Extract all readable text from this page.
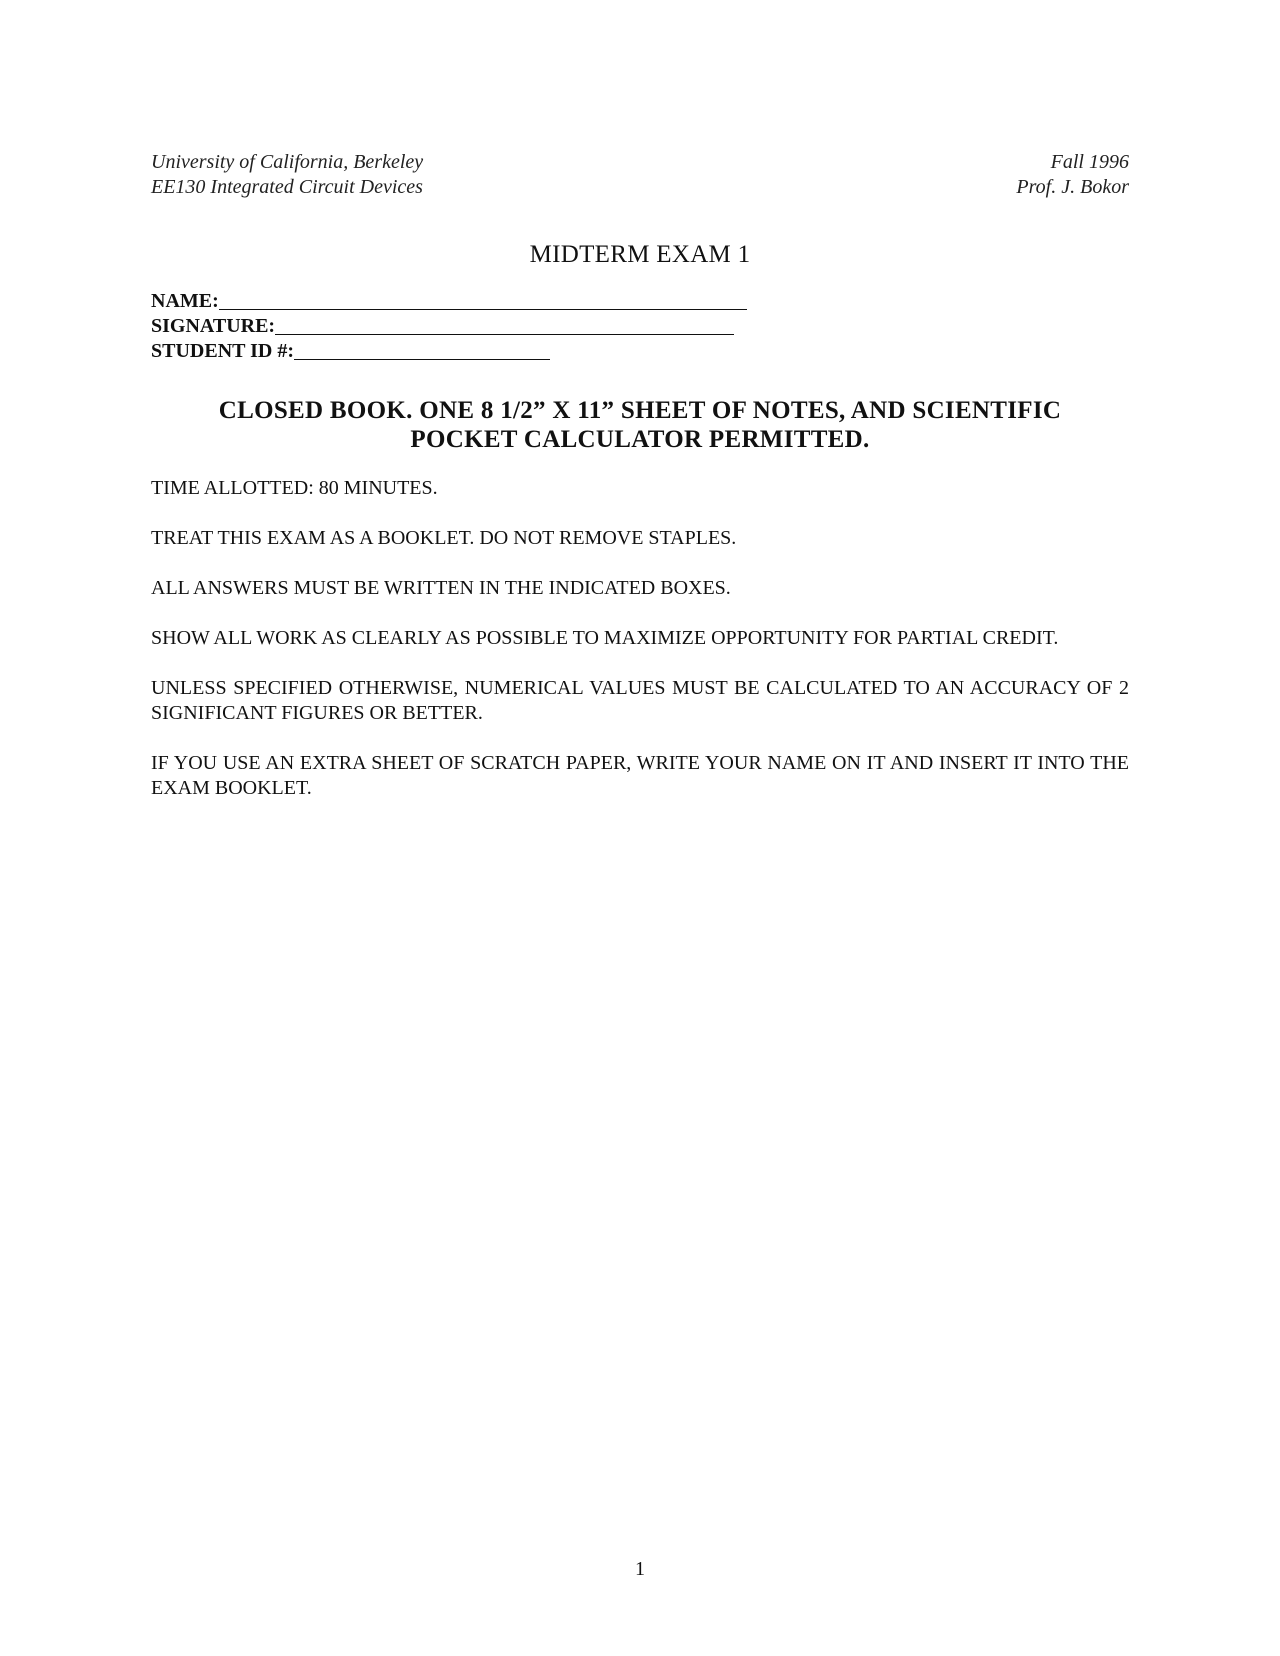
University of California, Berkeley
EE130 Integrated Circuit Devices
Fall 1996
Prof. J. Bokor
MIDTERM EXAM 1
NAME:
SIGNATURE:
STUDENT ID #:
CLOSED BOOK. ONE 8 1/2” X 11” SHEET OF NOTES, AND SCIENTIFIC
POCKET CALCULATOR PERMITTED.

TIME ALLOTTED: 80 MINUTES.

TREAT THIS EXAM AS A BOOKLET. DO NOT REMOVE STAPLES.

ALL ANSWERS MUST BE WRITTEN IN THE INDICATED BOXES.

SHOW ALL WORK AS CLEARLY AS POSSIBLE TO MAXIMIZE OPPORTUNITY FOR PARTIAL CREDIT.

UNLESS SPECIFIED OTHERWISE, NUMERICAL VALUES MUST BE CALCULATED TO AN ACCURACY OF 2 SIGNIFICANT FIGURES OR BETTER.

IF YOU USE AN EXTRA SHEET OF SCRATCH PAPER, WRITE YOUR NAME ON IT AND INSERT IT INTO THE EXAM BOOKLET.

1
